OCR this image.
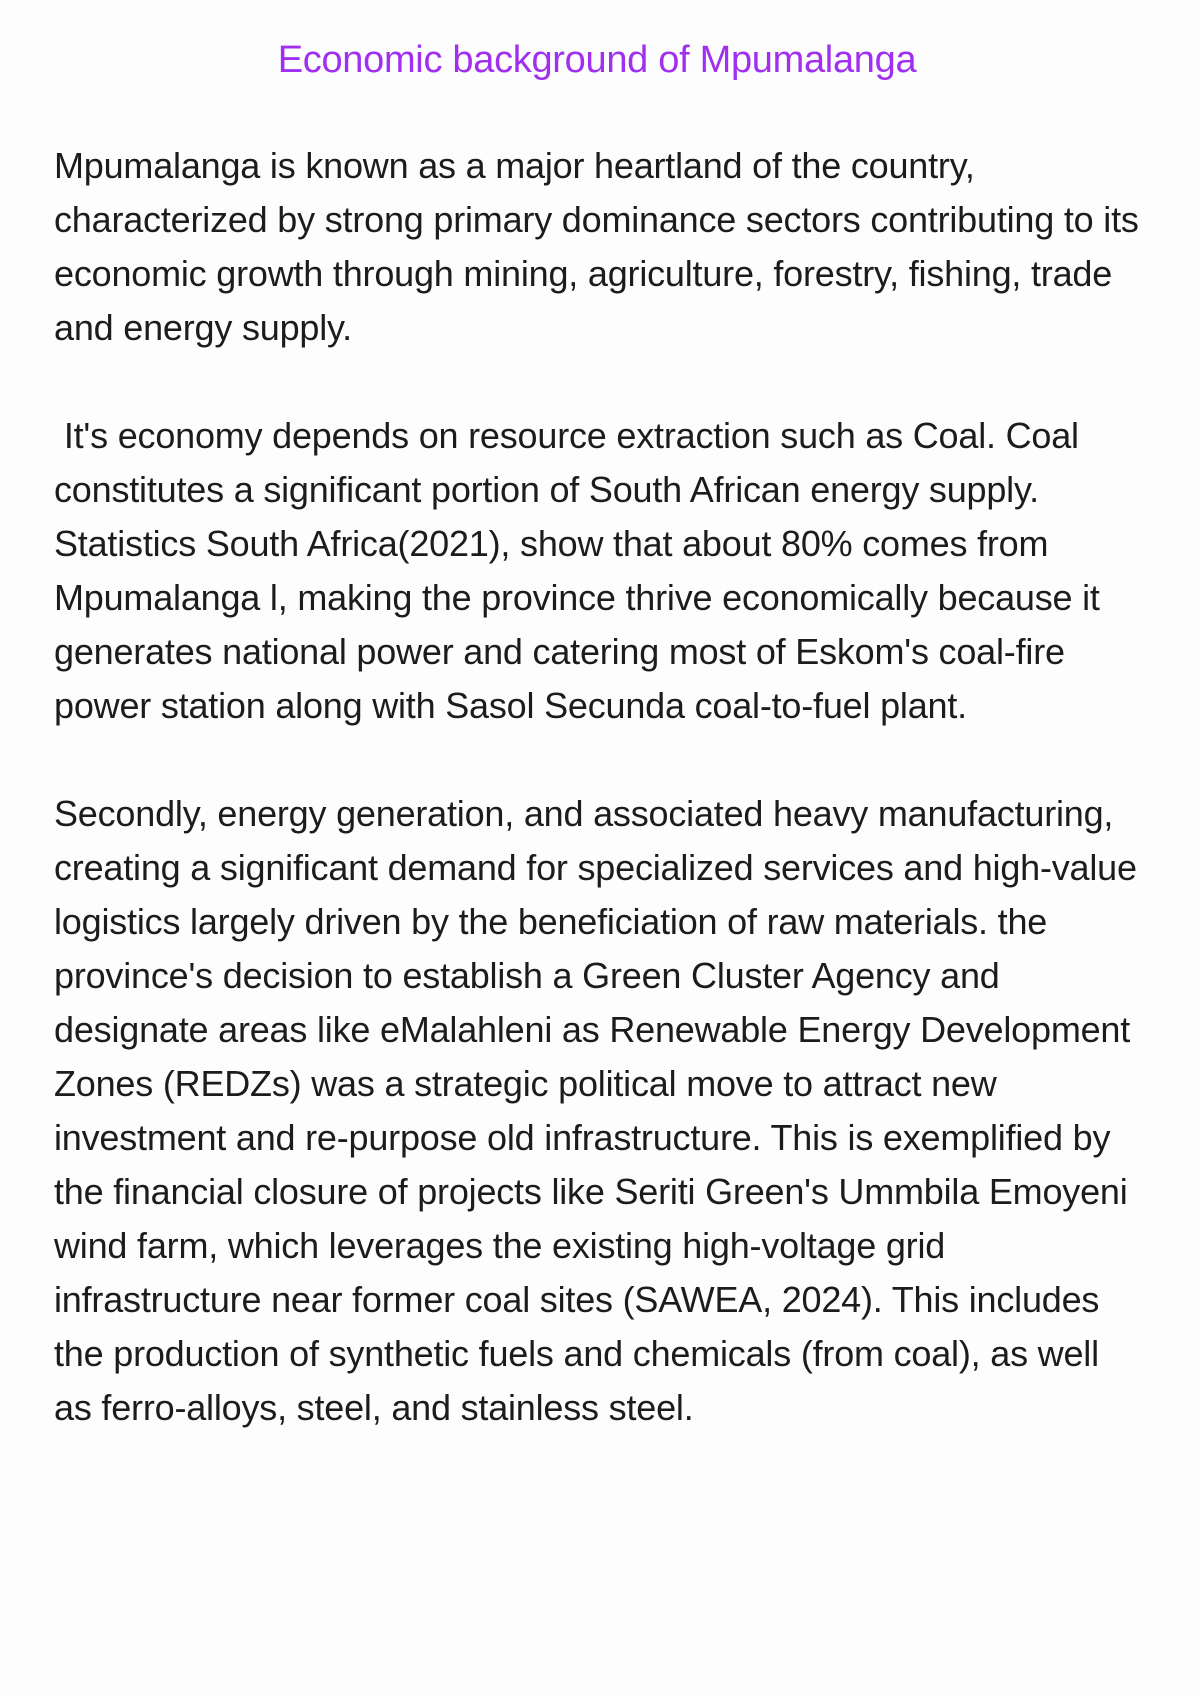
Economic background of Mpumalanga

Mpumalanga is known as a major heartland of the country, characterized by strong primary dominance sectors contributing to its economic growth through mining, agriculture, forestry, fishing, trade and energy supply.

It's economy depends on resource extraction such as Coal. Coal constitutes a significant portion of South African energy supply. Statistics South Africa(2021), show that about 80% comes from Mpumalanga l, making the province thrive economically because it generates national power and catering most of Eskom's coal-fire power station along with Sasol Secunda coal-to-fuel plant.

Secondly, energy generation, and associated heavy manufacturing, creating a significant demand for specialized services and high-value logistics largely driven by the beneficiation of raw materials. the province's decision to establish a Green Cluster Agency and designate areas like eMalahleni as Renewable Energy Development Zones (REDZs) was a strategic political move to attract new investment and re-purpose old infrastructure. This is exemplified by the financial closure of projects like Seriti Green's Ummbila Emoyeni wind farm, which leverages the existing high-voltage grid infrastructure near former coal sites (SAWEA, 2024). This includes the production of synthetic fuels and chemicals (from coal), as well as ferro-alloys, steel, and stainless steel.
